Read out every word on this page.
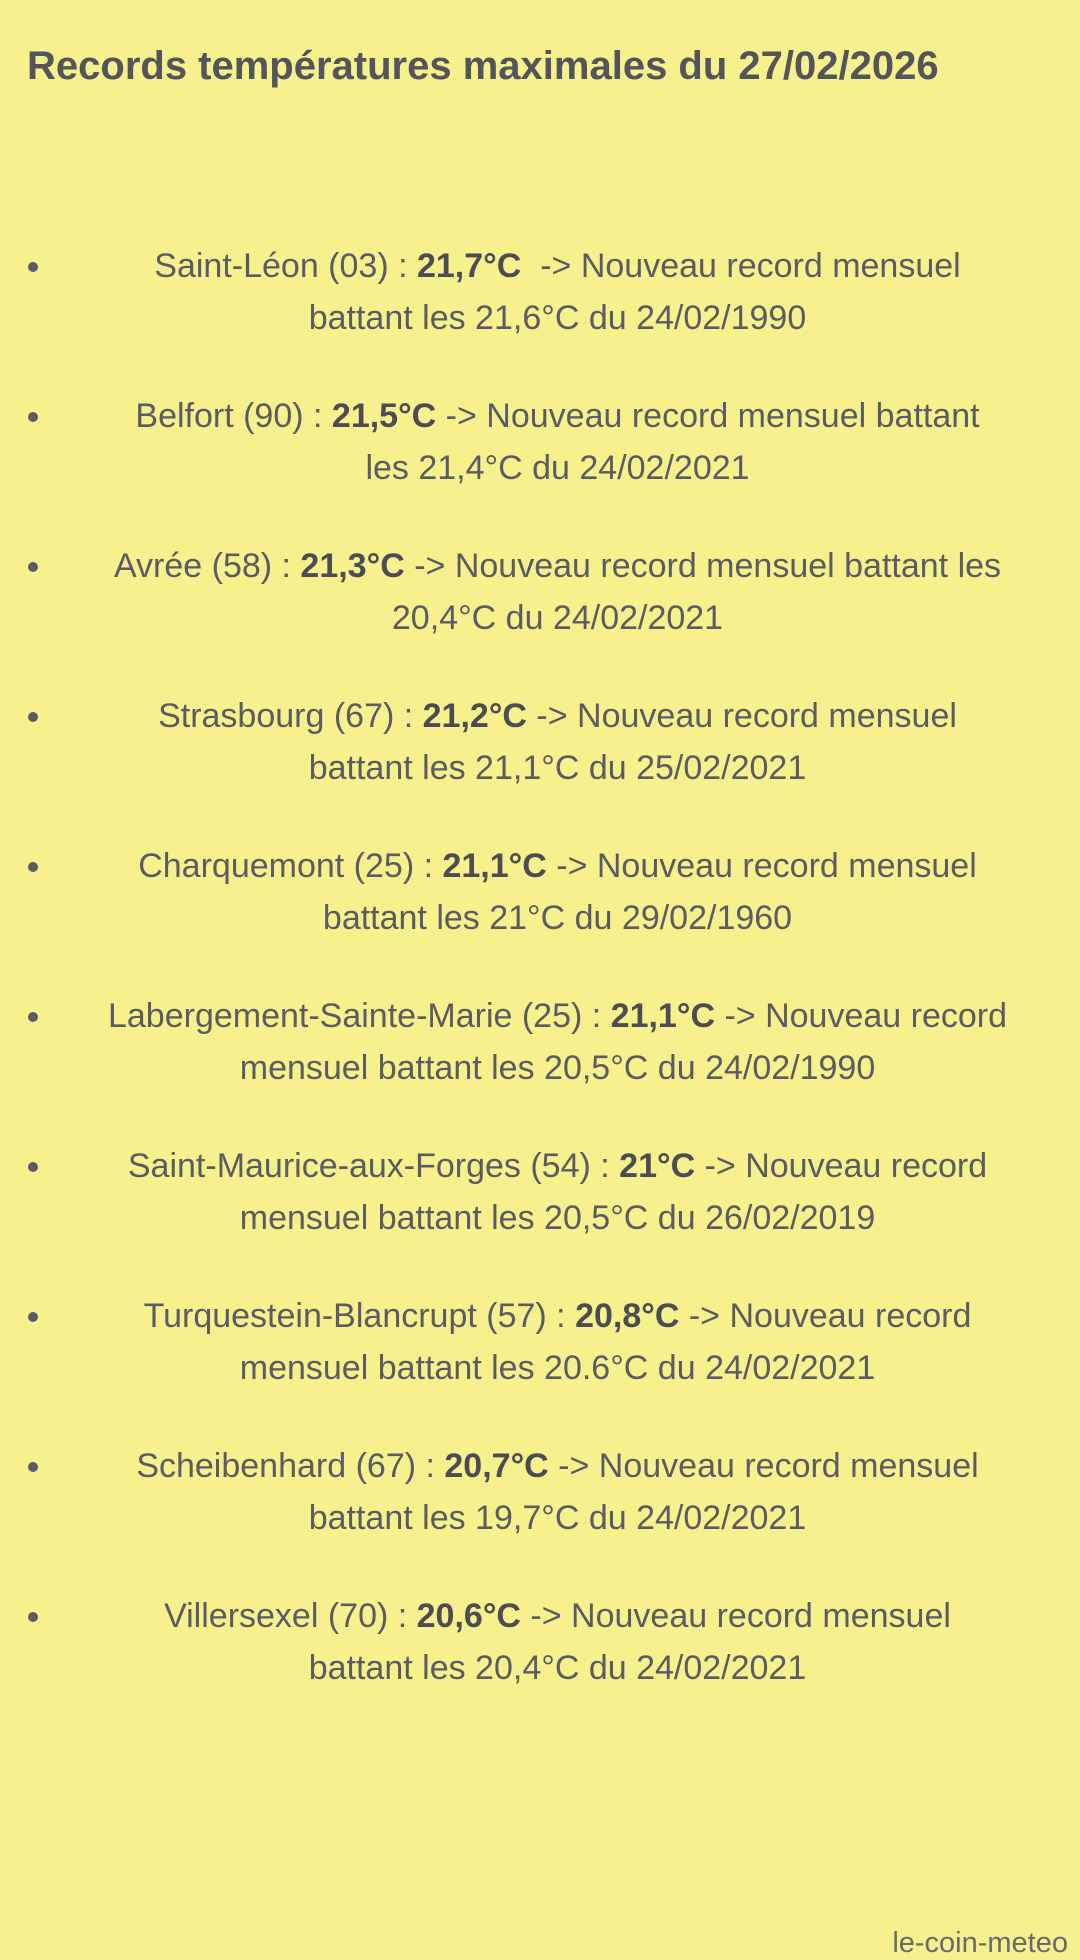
Records températures maximales du 27/02/2026
• Saint-Léon (03) : 21,7°C  -> Nouveau record mensuel
battant les 21,6°C du 24/02/1990
• Belfort (90) : 21,5°C -> Nouveau record mensuel battant
les 21,4°C du 24/02/2021
• Avrée (58) : 21,3°C -> Nouveau record mensuel battant les
20,4°C du 24/02/2021
• Strasbourg (67) : 21,2°C -> Nouveau record mensuel
battant les 21,1°C du 25/02/2021
• Charquemont (25) : 21,1°C -> Nouveau record mensuel
battant les 21°C du 29/02/1960
• Labergement-Sainte-Marie (25) : 21,1°C -> Nouveau record
mensuel battant les 20,5°C du 24/02/1990
• Saint-Maurice-aux-Forges (54) : 21°C -> Nouveau record
mensuel battant les 20,5°C du 26/02/2019
• Turquestein-Blancrupt (57) : 20,8°C -> Nouveau record
mensuel battant les 20.6°C du 24/02/2021
• Scheibenhard (67) : 20,7°C -> Nouveau record mensuel
battant les 19,7°C du 24/02/2021
• Villersexel (70) : 20,6°C -> Nouveau record mensuel
battant les 20,4°C du 24/02/2021
le-coin-meteo
